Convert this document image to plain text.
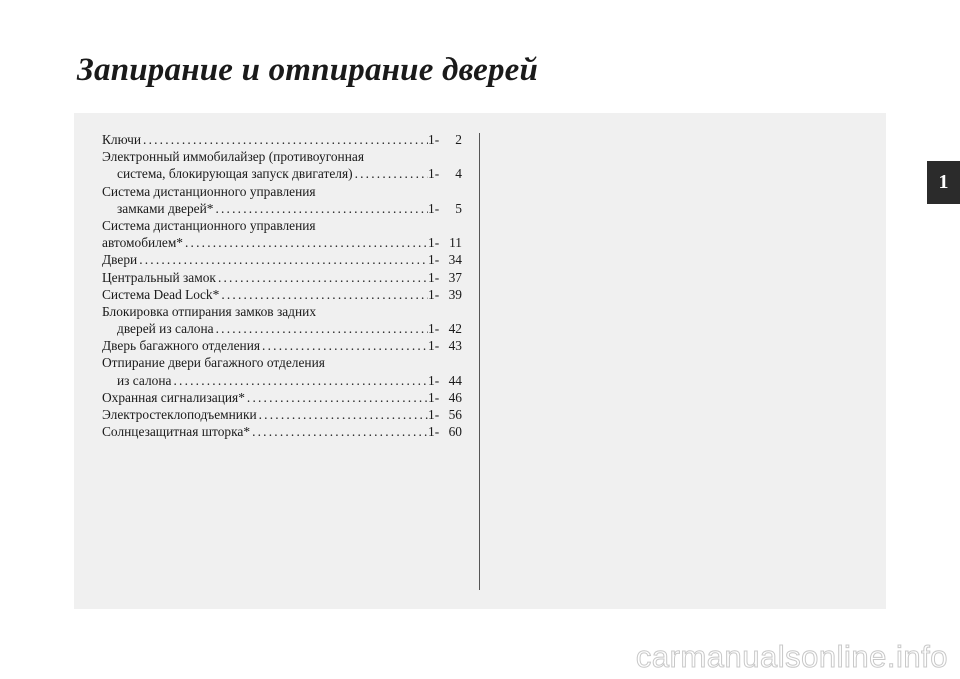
Запирание и отпирание дверей
Ключи .....	1-	2
Электронный иммобилайзер (противоугонная
система, блокирующая запуск двигателя) .....	1-	4
Система дистанционного управления
замками дверей* .....	1-	5
Система дистанционного управления
автомобилем* .....	1- 11
Двери .....	1- 34
Центральный замок .....	1- 37
Система Dead Lock* .....	1- 39
Блокировка отпирания замков задних
дверей из салона .....	1- 42
Дверь багажного отделения .....	1- 43
Отпирание двери багажного отделения
из салона .....	1- 44
Охранная сигнализация* .....	1- 46
Электростеклоподъемники .....	1- 56
Солнцезащитная шторка* .....	1- 60
1
carmanualsonline.info
